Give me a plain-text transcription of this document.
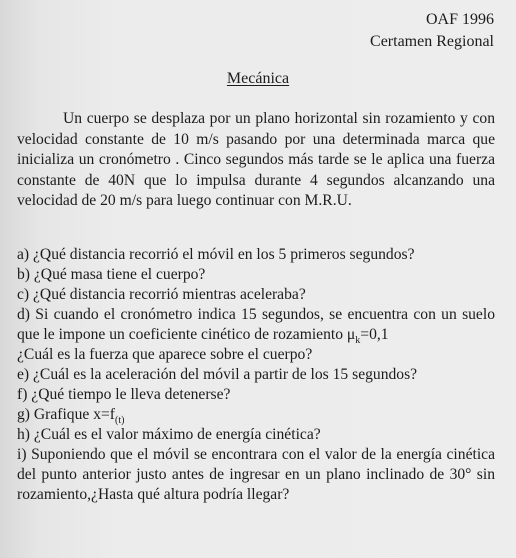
OAF 1996
Certamen Regional
Mecánica

Un cuerpo se desplaza por un plano horizontal sin rozamiento y con velocidad constante de 10 m/s pasando por una determinada marca que inicializa un cronómetro . Cinco segundos más tarde se le aplica una fuerza constante de 40N que lo impulsa durante 4 segundos alcanzando una velocidad de 20 m/s para luego continuar con M.R.U.

a) ¿Qué distancia recorrió el móvil en los 5 primeros segundos?

b) ¿Qué masa tiene el cuerpo?

c) ¿Qué distancia recorrió mientras aceleraba?

d) Si cuando el cronómetro indica 15 segundos, se encuentra con un suelo que le impone un coeficiente cinético de rozamiento $\mu_k=0,1$

¿Cuál es la fuerza que aparece sobre el cuerpo?

e) ¿Cuál es la aceleración del móvil a partir de los 15 segundos?

f) ¿Qué tiempo le lleva detenerse?

g) Grafique $x=f_{(t)}$

h) ¿Cuál es el valor máximo de energía cinética?

i) Suponiendo que el móvil se encontrara con el valor de la energía cinética del punto anterior justo antes de ingresar en un plano inclinado de 30° sin rozamiento,¿Hasta qué altura podría llegar?
